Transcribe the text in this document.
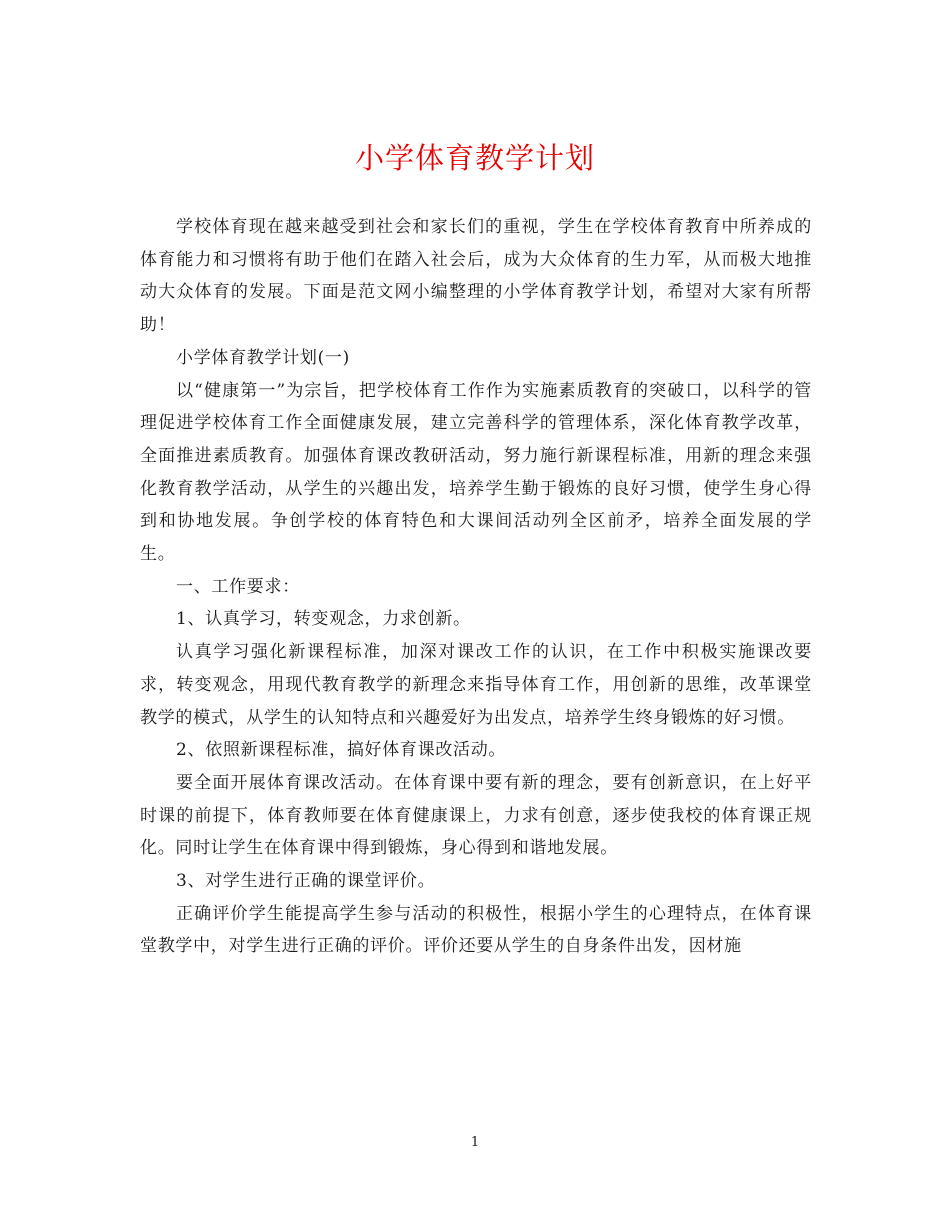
小学体育教学计划

学校体育现在越来越受到社会和家长们的重视，学生在学校体育教育中所养成的体育能力和习惯将有助于他们在踏入社会后，成为大众体育的生力军，从而极大地推动大众体育的发展。下面是范文网小编整理的小学体育教学计划，希望对大家有所帮助！

小学体育教学计划(一)

以“健康第一”为宗旨，把学校体育工作作为实施素质教育的突破口，以科学的管理促进学校体育工作全面健康发展，建立完善科学的管理体系，深化体育教学改革，全面推进素质教育。加强体育课改教研活动，努力施行新课程标准，用新的理念来强化教育教学活动，从学生的兴趣出发，培养学生勤于锻炼的良好习惯，使学生身心得到和协地发展。争创学校的体育特色和大课间活动列全区前矛，培养全面发展的学生。

一、工作要求：

1、认真学习，转变观念，力求创新。

认真学习强化新课程标准，加深对课改工作的认识，在工作中积极实施课改要求，转变观念，用现代教育教学的新理念来指导体育工作，用创新的思维，改革课堂教学的模式，从学生的认知特点和兴趣爱好为出发点，培养学生终身锻炼的好习惯。

2、依照新课程标准，搞好体育课改活动。

要全面开展体育课改活动。在体育课中要有新的理念，要有创新意识，在上好平时课的前提下，体育教师要在体育健康课上，力求有创意，逐步使我校的体育课正规化。同时让学生在体育课中得到锻炼，身心得到和谐地发展。

3、对学生进行正确的课堂评价。

正确评价学生能提高学生参与活动的积极性，根据小学生的心理特点，在体育课堂教学中，对学生进行正确的评价。评价还要从学生的自身条件出发，因材施

1
